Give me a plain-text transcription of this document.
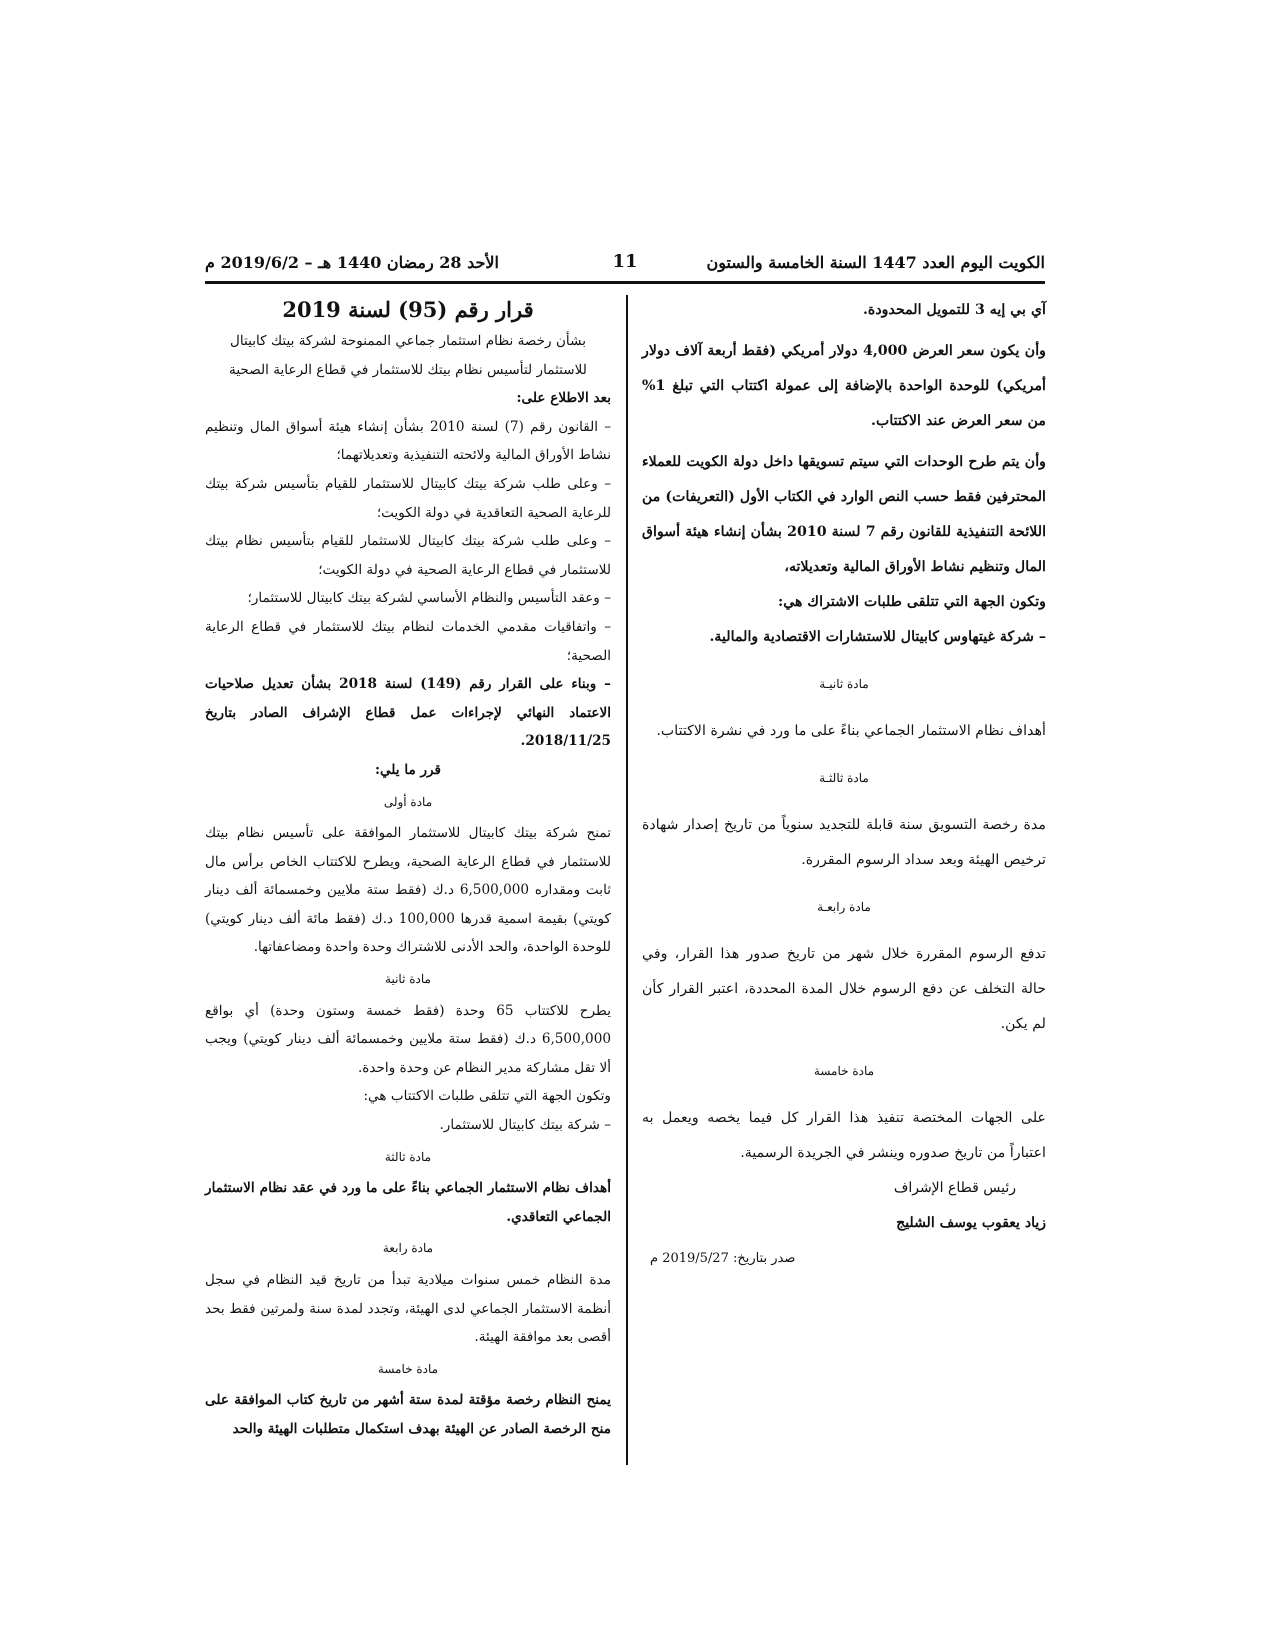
الكويت اليوم العدد 1447 السنة الخامسة والستون
11
الأحد 28 رمضان 1440 هـ – 2019/6/2 م

آي بي إيه 3 للتمويل المحدودة.

وأن يكون سعر العرض 4,000 دولار أمريكي (فقط أربعة آلاف دولار أمريكي) للوحدة الواحدة بالإضافة إلى عمولة اكتتاب التي تبلغ 1% من سعر العرض عند الاكتتاب.

وأن يتم طرح الوحدات التي سيتم تسويقها داخل دولة الكويت للعملاء المحترفين فقط حسب النص الوارد في الكتاب الأول (التعريفات) من اللائحة التنفيذية للقانون رقم 7 لسنة 2010 بشأن إنشاء هيئة أسواق المال وتنظيم نشاط الأوراق المالية وتعديلاته،

وتكون الجهة التي تتلقى طلبات الاشتراك هي:

– شركة غيتهاوس كابيتال للاستشارات الاقتصادية والمالية.

مادة ثانيـة

أهداف نظام الاستثمار الجماعي بناءً على ما ورد في نشرة الاكتتاب.

مادة ثالثـة

مدة رخصة التسويق سنة قابلة للتجديد سنوياً من تاريخ إصدار شهادة ترخيص الهيئة وبعد سداد الرسوم المقررة.

مادة رابعـة

تدفع الرسوم المقررة خلال شهر من تاريخ صدور هذا القرار، وفي حالة التخلف عن دفع الرسوم خلال المدة المحددة، اعتبر القرار كأن لم يكن.

مادة خامسة

على الجهات المختصة تنفيذ هذا القرار كل فيما يخصه ويعمل به اعتباراً من تاريخ صدوره وينشر في الجريدة الرسمية.

رئيس قطاع الإشراف

زياد يعقوب يوسف الشليج

صدر بتاريخ: 2019/5/27 م

قرار رقم (95) لسنة 2019

بشأن رخصة نظام استثمار جماعي الممنوحة لشركة بيتك كابيتال للاستثمار لتأسيس نظام بيتك للاستثمار في قطاع الرعاية الصحية

بعد الاطلاع على:

– القانون رقم (7) لسنة 2010 بشأن إنشاء هيئة أسواق المال وتنظيم نشاط الأوراق المالية ولائحته التنفيذية وتعديلاتهما؛

– وعلى طلب شركة بيتك كابيتال للاستثمار للقيام بتأسيس شركة بيتك للرعاية الصحية التعاقدية في دولة الكويت؛

– وعلى طلب شركة بيتك كابيتال للاستثمار للقيام بتأسيس نظام بيتك للاستثمار في قطاع الرعاية الصحية في دولة الكويت؛

– وعقد التأسيس والنظام الأساسي لشركة بيتك كابيتال للاستثمار؛

– واتفاقيات مقدمي الخدمات لنظام بيتك للاستثمار في قطاع الرعاية الصحية؛

– وبناء على القرار رقم (149) لسنة 2018 بشأن تعديل صلاحيات الاعتماد النهائي لإجراءات عمل قطاع الإشراف الصادر بتاريخ 2018/11/25.

قرر ما يلي:

مادة أولى

تمنح شركة بيتك كابيتال للاستثمار الموافقة على تأسيس نظام بيتك للاستثمار في قطاع الرعاية الصحية، ويطرح للاكتتاب الخاص برأس مال ثابت ومقداره 6,500,000 د.ك (فقط ستة ملايين وخمسمائة ألف دينار كويتي) بقيمة اسمية قدرها 100,000 د.ك (فقط مائة ألف دينار كويتي) للوحدة الواحدة، والحد الأدنى للاشتراك وحدة واحدة ومضاعفاتها.

مادة ثانية

يطرح للاكتتاب 65 وحدة (فقط خمسة وستون وحدة) أي بواقع 6,500,000 د.ك (فقط ستة ملايين وخمسمائة ألف دينار كويتي) ويجب ألا تقل مشاركة مدير النظام عن وحدة واحدة.

وتكون الجهة التي تتلقى طلبات الاكتتاب هي:

– شركة بيتك كابيتال للاستثمار.

مادة ثالثة

أهداف نظام الاستثمار الجماعي بناءً على ما ورد في عقد نظام الاستثمار الجماعي التعاقدي.

مادة رابعة

مدة النظام خمس سنوات ميلادية تبدأ من تاريخ قيد النظام في سجل أنظمة الاستثمار الجماعي لدى الهيئة، وتجدد لمدة سنة ولمرتين فقط بحد أقصى بعد موافقة الهيئة.

مادة خامسة

يمنح النظام رخصة مؤقتة لمدة ستة أشهر من تاريخ كتاب الموافقة على منح الرخصة الصادر عن الهيئة بهدف استكمال متطلبات الهيئة والحد
